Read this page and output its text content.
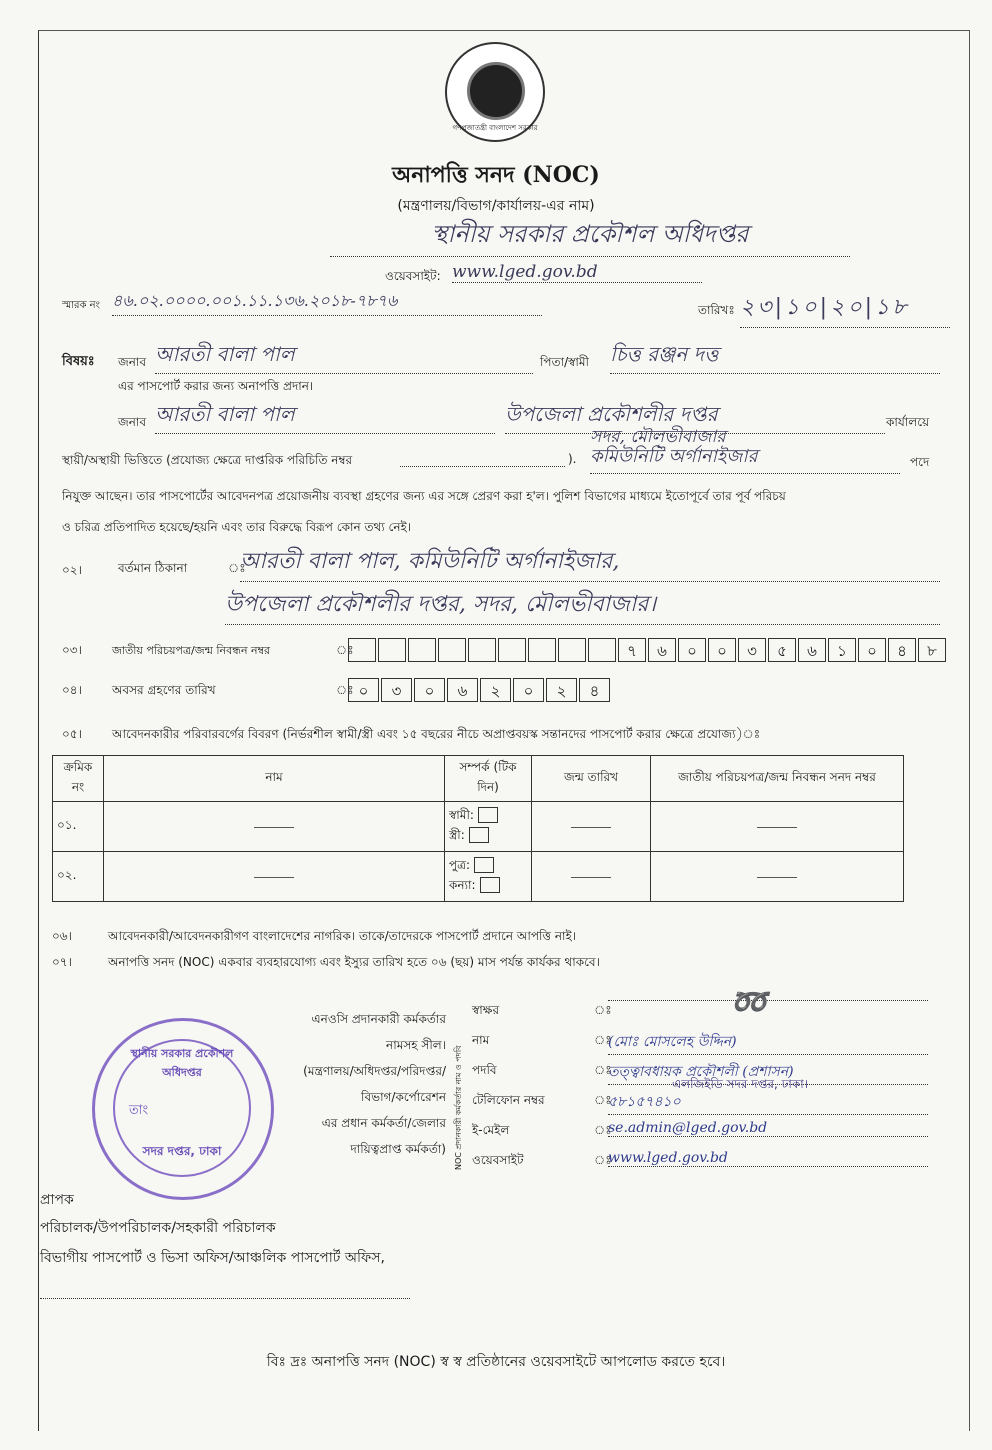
গণপ্রজাতন্ত্রী বাংলাদেশ সরকার
অনাপত্তি সনদ (NOC)
(মন্ত্রণালয়/বিভাগ/কার্যালয়-এর নাম)
স্থানীয় সরকার প্রকৌশল অধিদপ্তর
ওয়েবসাইট: www.lged.gov.bd
স্মারক নং ৪৬.০২.০০০০.০০১.১১.১৩৬.২০১৮-৭৮৭৬	তারিখঃ ২৩|১০|২০|১৮
বিষয়ঃ জনাব আরতী বালা পাল	পিতা/স্বামী চিত্ত রঞ্জন দত্ত
এর পাসপোর্ট করার জন্য অনাপত্তি প্রদান।
জনাব আরতী বালা পাল	উপজেলা প্রকৌশলীর দপ্তর	কার্যালয়ে
সদর, মৌলভীবাজার
স্থায়ী/অস্থায়ী ভিত্তিতে (প্রযোজ্য ক্ষেত্রে দাপ্তরিক পরিচিতি নম্বর	). কমিউনিটি অর্গানাইজার	পদে
নিযুক্ত আছেন। তার পাসপোর্টের আবেদনপত্র প্রয়োজনীয় ব্যবস্থা গ্রহণের জন্য এর সঙ্গে প্রেরণ করা হ'ল। পুলিশ বিভাগের মাধ্যমে ইতোপূর্বে তার পূর্ব পরিচয়
ও চরিত্র প্রতিপাদিত হয়েছে/হয়নি এবং তার বিরুদ্ধে বিরূপ কোন তথ্য নেই।
০২।	বর্তমান ঠিকানা	ঃ
আরতী বালা পাল, কমিউনিটি অর্গানাইজার,
উপজেলা প্রকৌশলীর দপ্তর, সদর, মৌলভীবাজার।
০৩।	জাতীয় পরিচয়পত্র/জন্ম নিবন্ধন নম্বর	ঃ	৭ ৬ ০ ০ ৩ ৫ ৬ ১ ০ ৪ ৮
০৪।	অবসর গ্রহণের তারিখ	ঃ ০ ৩ ০ ৬ ২ ০ ২ ৪
০৫।	আবেদনকারীর পরিবারবর্গের বিবরণ (নির্ভরশীল স্বামী/স্ত্রী এবং ১৫ বছরের নীচে অপ্রাপ্তবয়স্ক সন্তানদের পাসপোর্ট করার ক্ষেত্রে প্রযোজ্য)ঃ
ক্রমিক নং	নাম	সম্পর্ক (টিক দিন)	জন্ম তারিখ	জাতীয় পরিচয়পত্র/জন্ম নিবন্ধন সনদ নম্বর
০১.		স্বামী:
স্ত্রী:		

০২.		পুত্র:
কন্যা:		

০৬।	আবেদনকারী/আবেদনকারীগণ বাংলাদেশের নাগরিক। তাকে/তাদেরকে পাসপোর্ট প্রদানে আপত্তি নাই।
০৭।	অনাপত্তি সনদ (NOC) একবার ব্যবহারযোগ্য এবং ইস্যুর তারিখ হতে ০৬ (ছয়) মাস পর্যন্ত কার্যকর থাকবে।
এনওসি প্রদানকারী কর্মকর্তার
নামসহ সীল।
(মন্ত্রণালয়/অধিদপ্তর/পরিদপ্তর/
বিভাগ/কর্পোরেশন
এর প্রধান কর্মকর্তা/জেলার
দায়িত্বপ্রাপ্ত কর্মকর্তা) NOC প্রদানকারী কর্মকর্তার নাম ও পদবি
স্বাক্ষর	ঃ
নাম	ঃ
(মোঃ মোসলেহ উদ্দিন)
পদবি	ঃ
তত্ত্বাবধায়ক প্রকৌশলী (প্রশাসন)
টেলিফোন নম্বর	ঃ
৫৮১৫৭৪১০
ই-মেইল	ঃ
se.admin@lged.gov.bd
ওয়েবসাইট	ঃ
www.lged.gov.bd
➿
এলজিইডি সদর দপ্তর, ঢাকা।
স্থানীয় সরকার প্রকৌশল অধিদপ্তর
তাং
সদর দপ্তর, ঢাকা
প্রাপক
পরিচালক/উপপরিচালক/সহকারী পরিচালক
বিভাগীয় পাসপোর্ট ও ভিসা অফিস/আঞ্চলিক পাসপোর্ট অফিস,
বিঃ দ্রঃ অনাপত্তি সনদ (NOC) স্ব স্ব প্রতিষ্ঠানের ওয়েবসাইটে আপলোড করতে হবে।
